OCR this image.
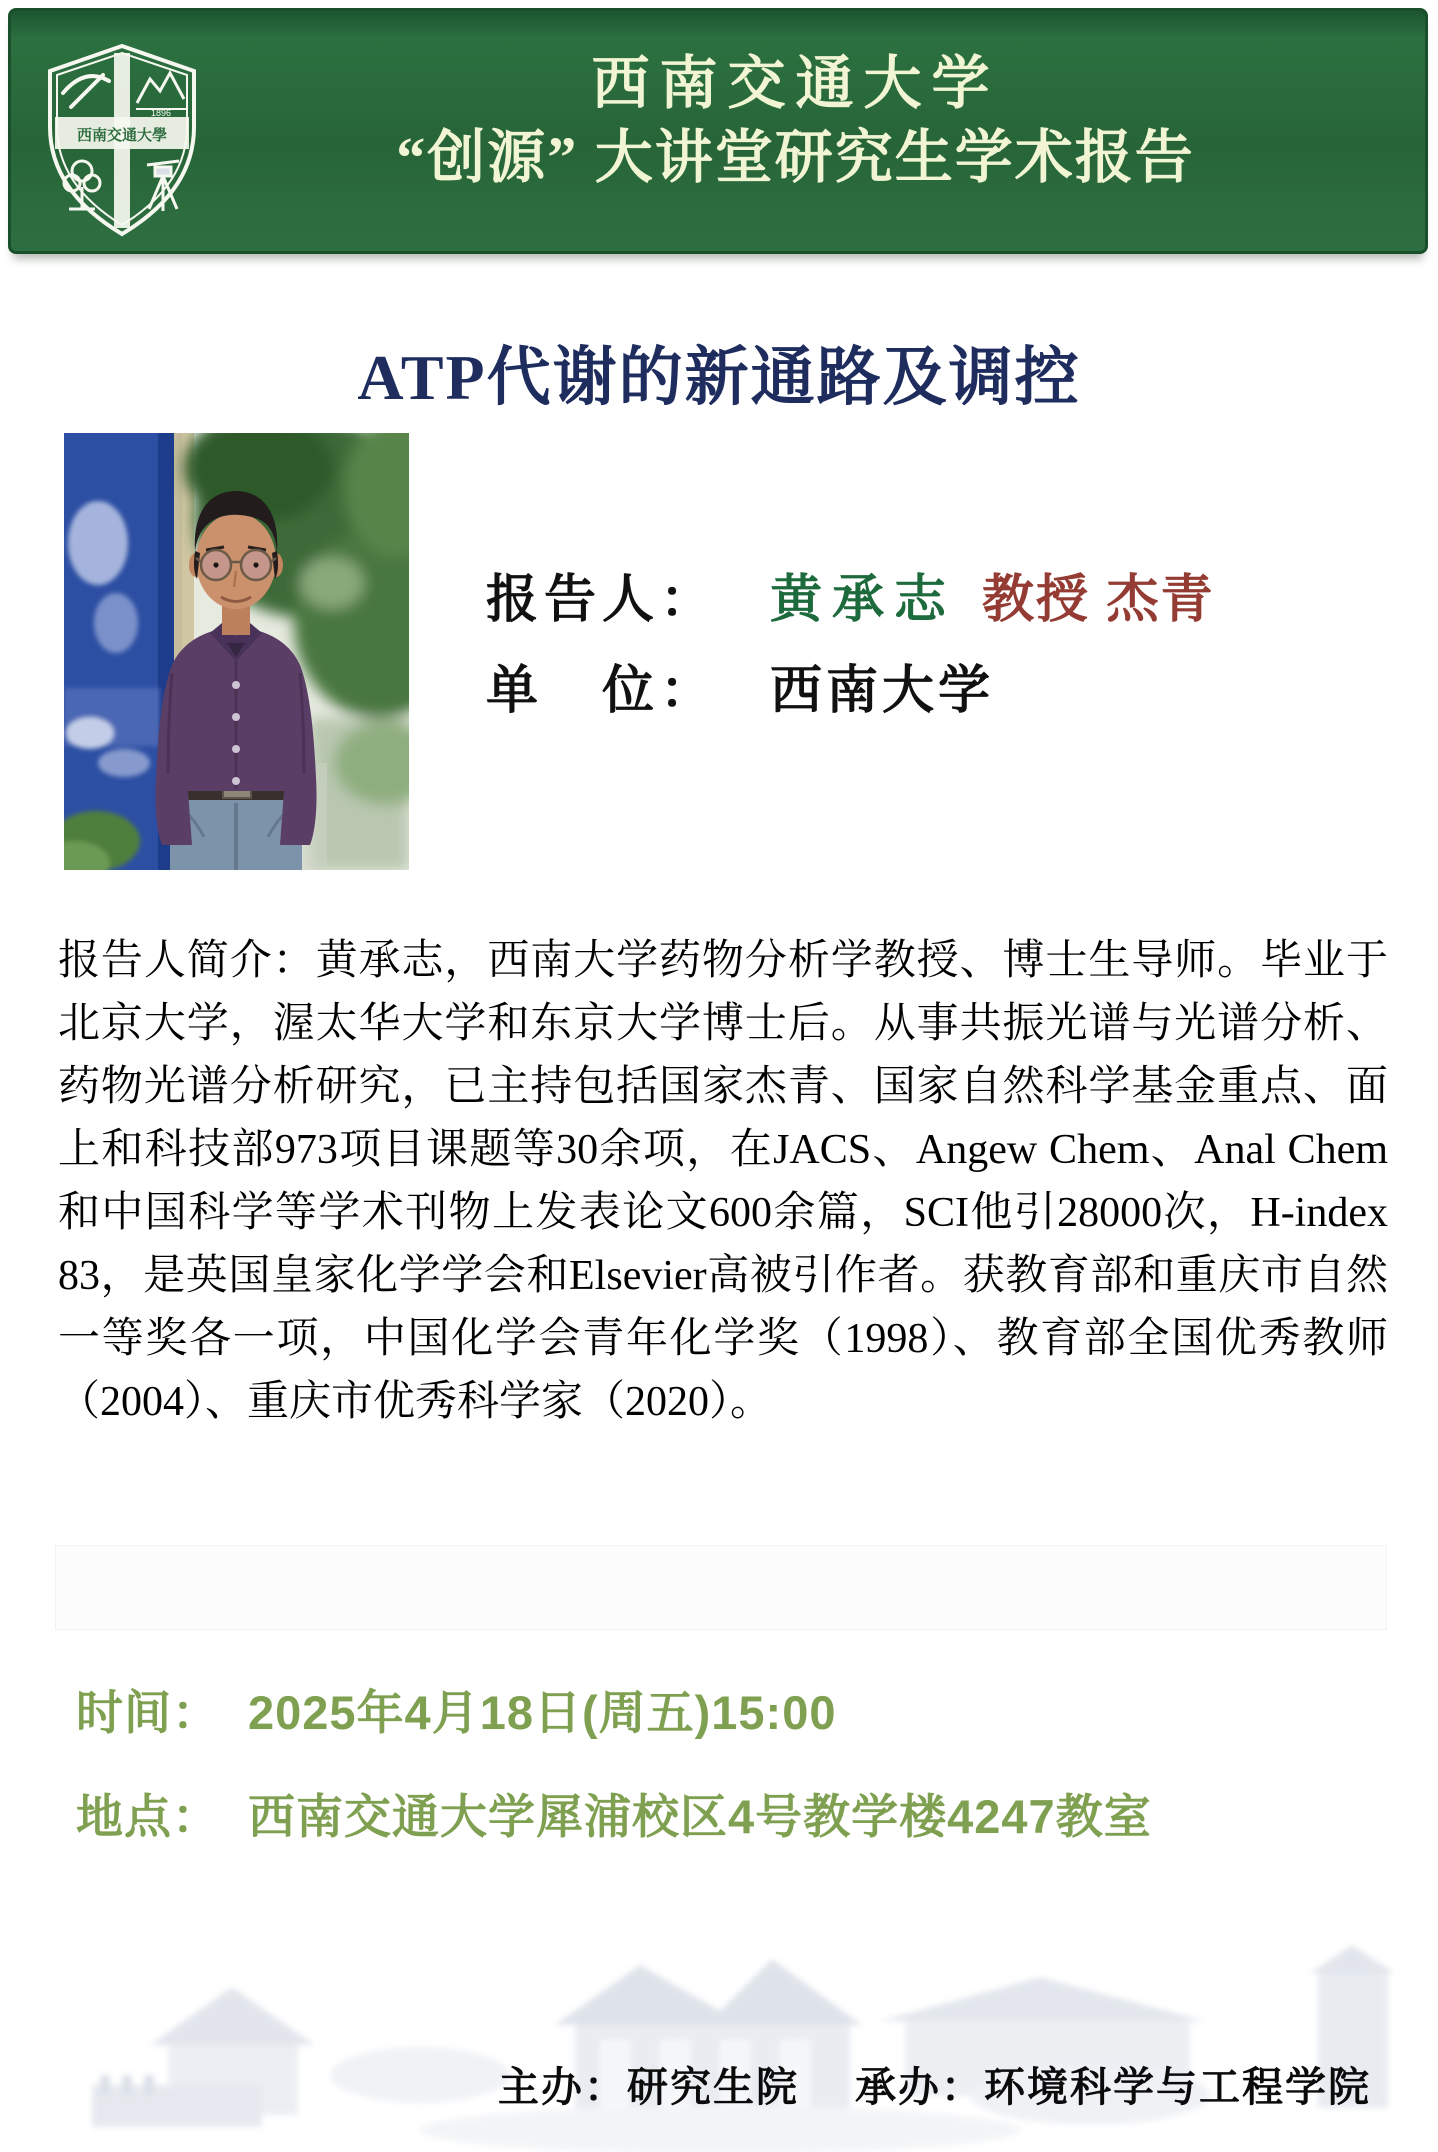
西南交通大學
1896	西南交通大学
“创源” 大讲堂研究生学术报告
ATP代谢的新通路及调控
报告人： 黄承志 教授 杰青
单　位： 西南大学

报告人简介：黄承志，西南大学药物分析学教授、博士生导师。毕业于北京大学，渥太华大学和东京大学博士后。从事共振光谱与光谱分析、药物光谱分析研究，已主持包括国家杰青、国家自然科学基金重点、面上和科技部973项目课题等30余项，在JACS、Angew Chem、Anal Chem和中国科学等学术刊物上发表论文600余篇，SCI他引28000次，H-index 83，是英国皇家化学学会和Elsevier高被引作者。获教育部和重庆市自然一等奖各一项，中国化学会青年化学奖（1998）、教育部全国优秀教师（2004）、重庆市优秀科学家（2020）。

时间： 2025年4月18日(周五)15:00
地点： 西南交通大学犀浦校区4号教学楼4247教室
主办：研究生院 承办：环境科学与工程学院
